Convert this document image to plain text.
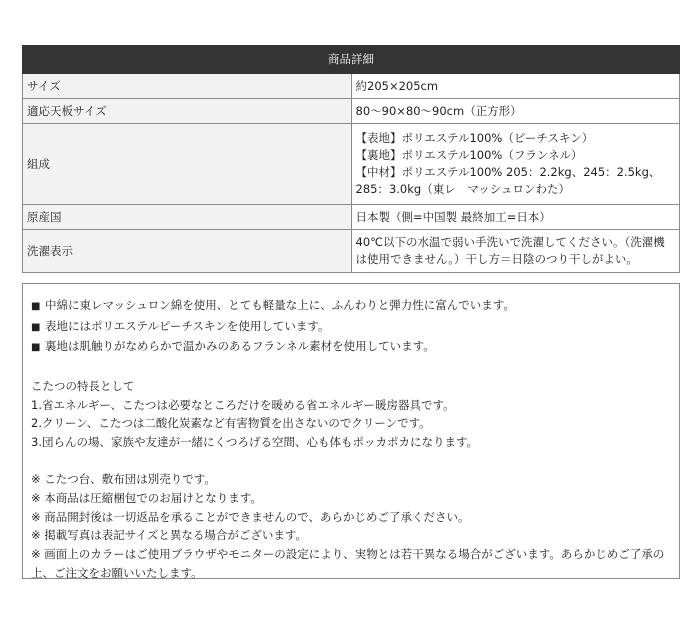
商品詳細	
サイズ	約205×205cm
適応天板サイズ	80～90×80～90cm（正方形）
組成	【表地】ポリエステル100%（ピーチスキン）
【裏地】ポリエステル100%（フランネル）
【中材】ポリエステル100% 205：2.2kg、245：2.5kg、285：3.0kg（東レ　マッシュロンわた）

原産国	日本製（側=中国製 最終加工=日本）
洗濯表示	40℃以下の水温で弱い手洗いで洗濯してください。（洗濯機は使用できません。）干し方＝日陰のつり干しがよい。
■ 中綿に東レマッシュロン綿を使用、とても軽量な上に、ふんわりと弾力性に富んでいます。
■ 表地にはポリエステルピーチスキンを使用しています。
■ 裏地は肌触りがなめらかで温かみのあるフランネル素材を使用しています。
こたつの特長として
1.省エネルギー、こたつは必要なところだけを暖める省エネルギー暖房器具です。
2.クリーン、こたつは二酸化炭素など有害物質を出さないのでクリーンです。
3.団らんの場、家族や友達が一緒にくつろげる空間、心も体もポッカポカになります。
※ こたつ台、敷布団は別売りです。
※ 本商品は圧縮梱包でのお届けとなります。
※ 商品開封後は一切返品を承ることができませんので、あらかじめご了承ください。
※ 掲載写真は表記サイズと異なる場合がございます。
※ 画面上のカラーはご使用ブラウザやモニターの設定により、実物とは若干異なる場合がございます。あらかじめご了承の上、ご注文をお願いいたします。
